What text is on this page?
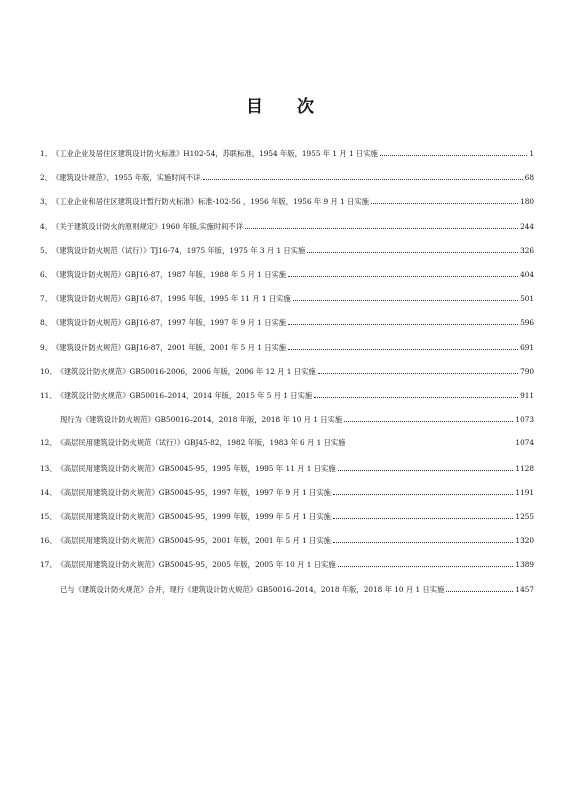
目 次
1、 《工业企业及居住区建筑设计防火标准》H102-54，苏联标准，1954 年版，1955 年 1 月 1 日实施	1
2、 《建筑设计规范》，1955 年版，实施时间不详	68
3、 《工业企业和居住区建筑设计暂行防火标准》标准-102-56 ，1956 年版，1956 年 9 月 1 日实施	180
4、 《关于建筑设计防火的原则规定》1960 年版,实施时间不详	244
5、 《建筑设计防火规范（试行）》TJ16-74，1975 年版，1975 年 3 月 1 日实施	326
6、 《建筑设计防火规范》GBJ16-87，1987 年版，1988 年 5 月 1 日实施	404
7、 《建筑设计防火规范》GBJ16-87，1995 年版，1995 年 11 月 1 日实施	501
8、 《建筑设计防火规范》GBJ16-87，1997 年版，1997 年 9 月 1 日实施	596
9、 《建筑设计防火规范》GBJ16-87，2001 年版，2001 年 5 月 1 日实施	691
10、 《建筑设计防火规范》GB50016-2006，2006 年版，2006 年 12 月 1 日实施	790
11、 《建筑设计防火规范》GB50016–2014，2014 年版，2015 年 5 月 1 日实施	911
现行为《建筑设计防火规范》GB50016–2014，2018 年版，2018 年 10 月 1 日实施	1073
12、 《高层民用建筑设计防火规范（试行）》GBJ45-82，1982 年版，1983 年 6 月 1 日实施	1074
13、 《高层民用建筑设计防火规范》GB50045-95，1995 年版，1995 年 11 月 1 日实施	1128
14、 《高层民用建筑设计防火规范》GB50045-95，1997 年版，1997 年 9 月 1 日实施	1191
15、 《高层民用建筑设计防火规范》GB50045-95，1999 年版，1999 年 5 月 1 日实施	1255
16、 《高层民用建筑设计防火规范》GB50045-95，2001 年版，2001 年 5 月 1 日实施	1320
17、 《高层民用建筑设计防火规范》GB50045-95，2005 年版，2005 年 10 月 1 日实施	1389
已与《建筑设计防火规范》合并，现行《建筑设计防火规范》GB50016–2014，2018 年版，2018 年 10 月 1 日实施	1457
